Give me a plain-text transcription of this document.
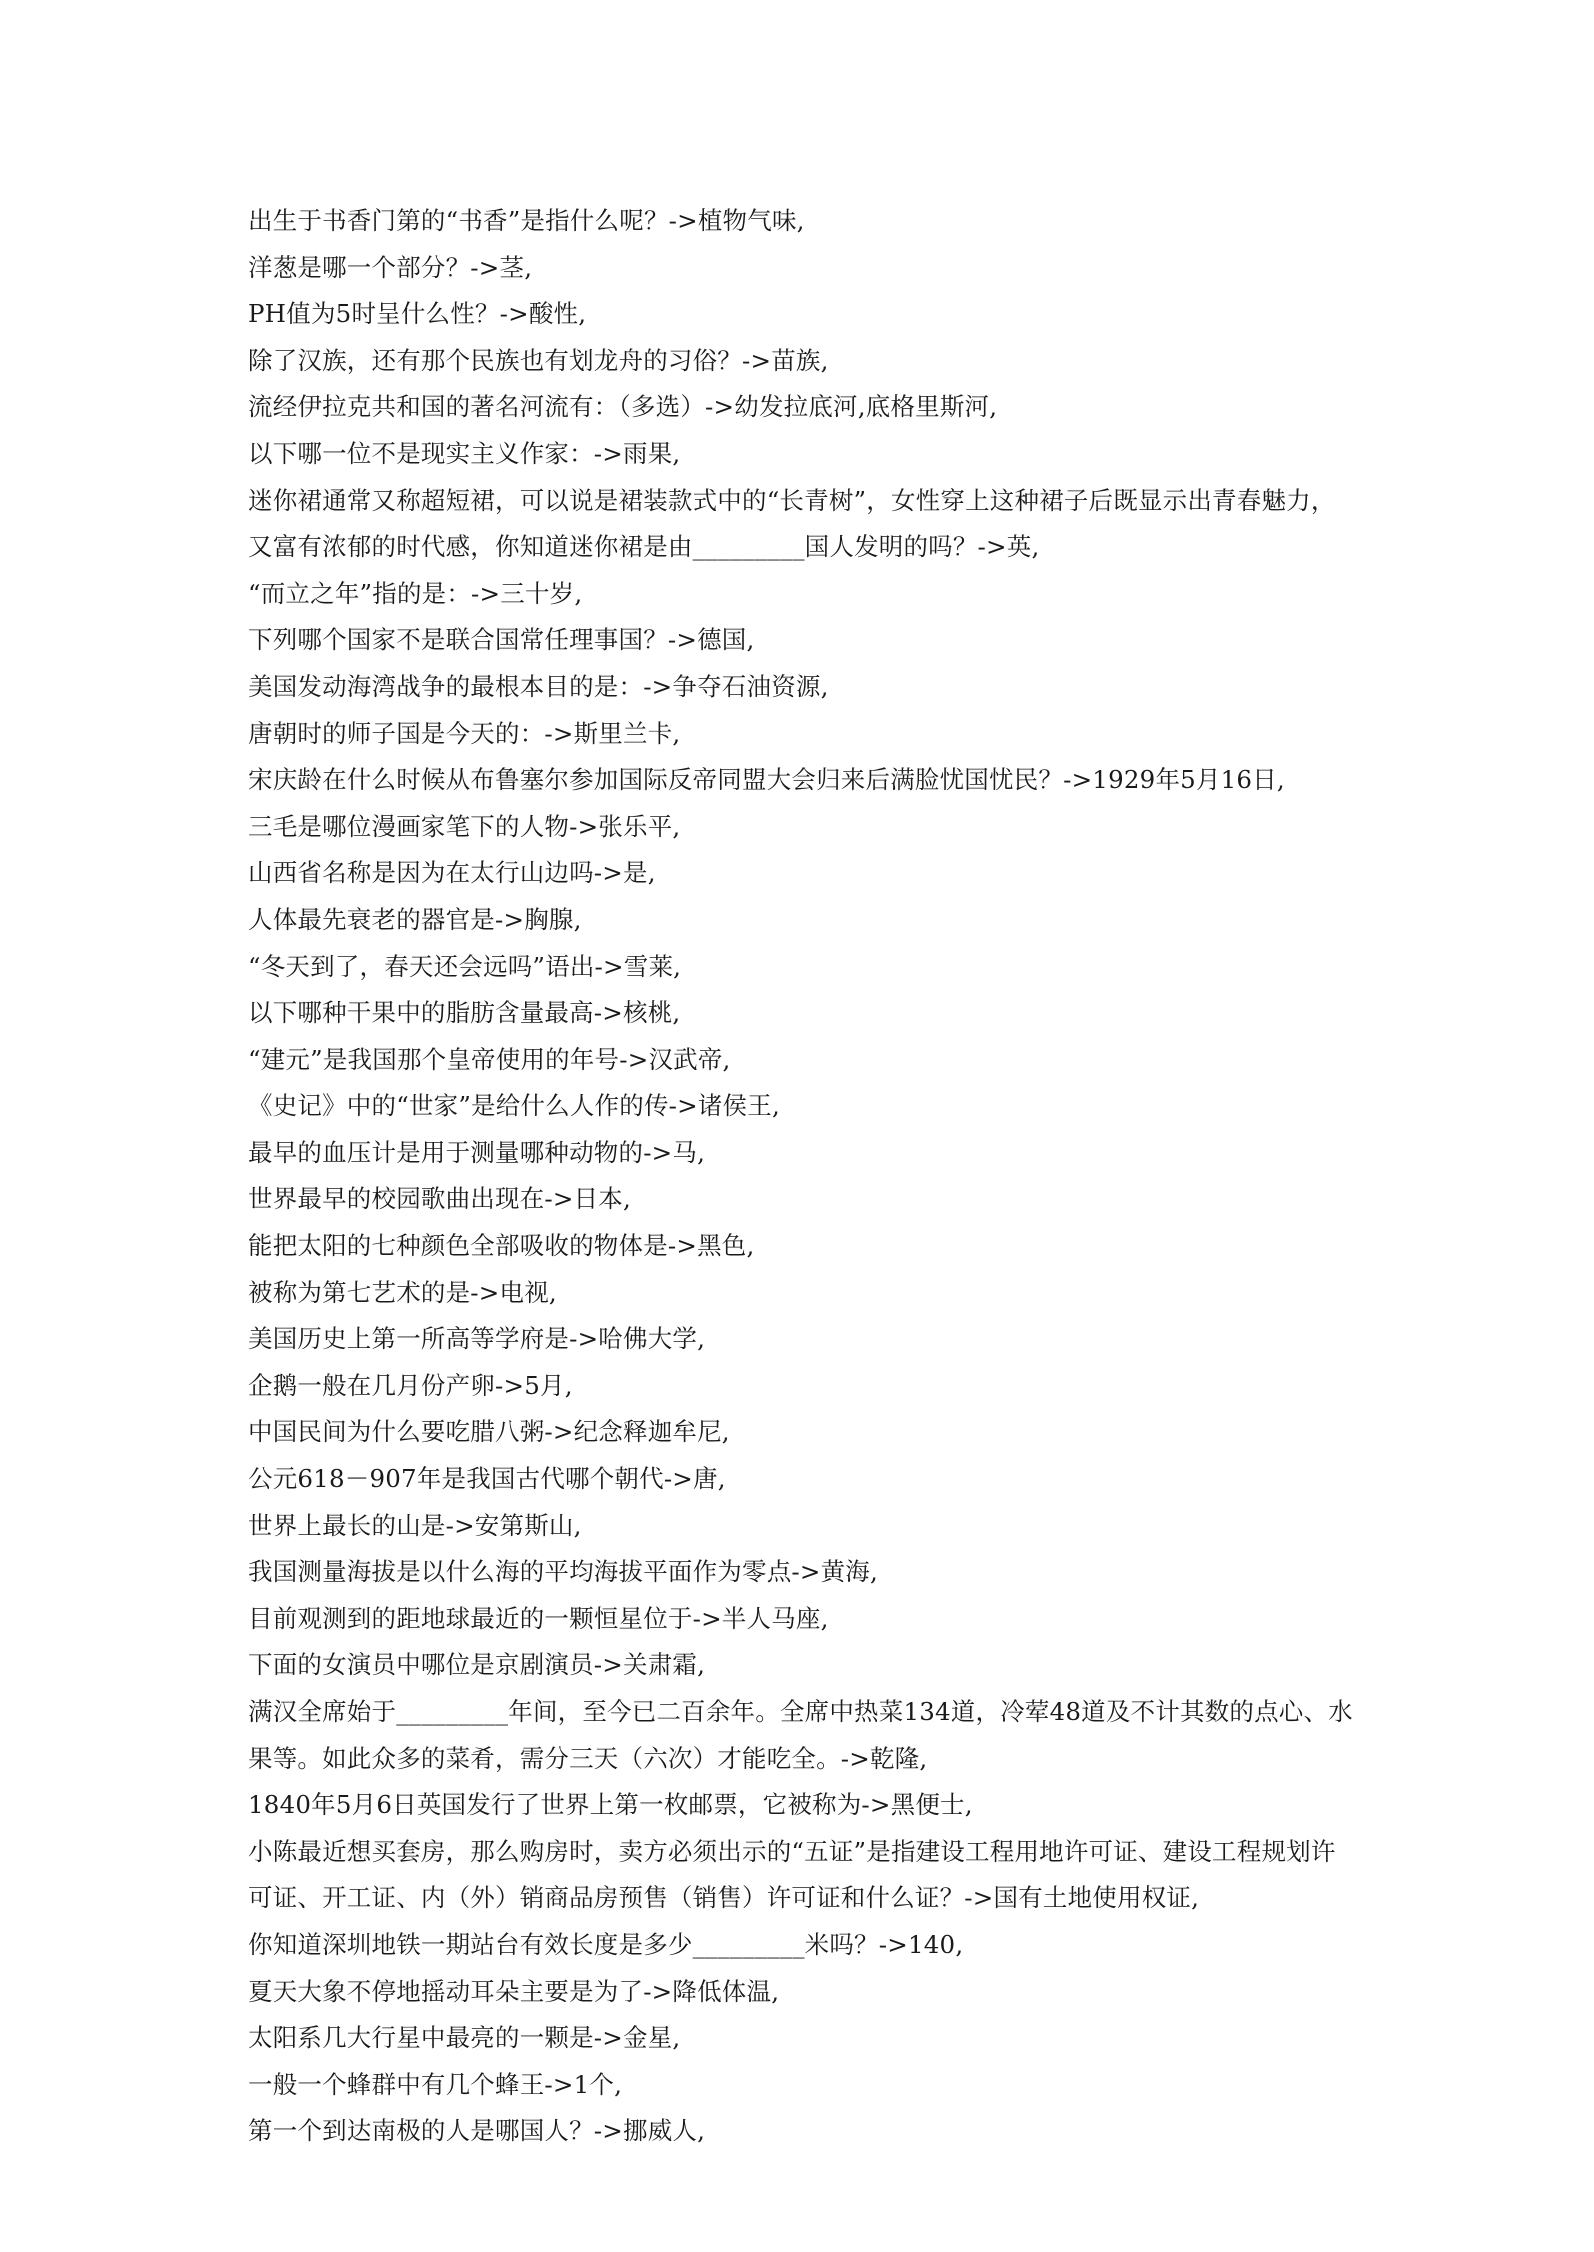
出生于书香门第的“书香”是指什么呢？->植物气味,
洋葱是哪一个部分？->茎,
PH值为5时呈什么性？->酸性,
除了汉族，还有那个民族也有划龙舟的习俗？->苗族,
流经伊拉克共和国的著名河流有：（多选）->幼发拉底河,底格里斯河,
以下哪一位不是现实主义作家：->雨果,
迷你裙通常又称超短裙，可以说是裙装款式中的“长青树”，女性穿上这种裙子后既显示出青春魅力，又富有浓郁的时代感，你知道迷你裙是由_________国人发明的吗？->英,
“而立之年”指的是：->三十岁,
下列哪个国家不是联合国常任理事国？->德国,
美国发动海湾战争的最根本目的是：->争夺石油资源,
唐朝时的师子国是今天的：->斯里兰卡,
宋庆龄在什么时候从布鲁塞尔参加国际反帝同盟大会归来后满脸忧国忧民？->1929年5月16日,
三毛是哪位漫画家笔下的人物->张乐平,
山西省名称是因为在太行山边吗->是,
人体最先衰老的器官是->胸腺,
“冬天到了，春天还会远吗”语出->雪莱,
以下哪种干果中的脂肪含量最高->核桃,
“建元”是我国那个皇帝使用的年号->汉武帝,
《史记》中的“世家”是给什么人作的传->诸侯王,
最早的血压计是用于测量哪种动物的->马,
世界最早的校园歌曲出现在->日本,
能把太阳的七种颜色全部吸收的物体是->黑色,
被称为第七艺术的是->电视,
美国历史上第一所高等学府是->哈佛大学,
企鹅一般在几月份产卵->5月,
中国民间为什么要吃腊八粥->纪念释迦牟尼,
公元618－907年是我国古代哪个朝代->唐,
世界上最长的山是->安第斯山,
我国测量海拔是以什么海的平均海拔平面作为零点->黄海,
目前观测到的距地球最近的一颗恒星位于->半人马座,
下面的女演员中哪位是京剧演员->关肃霜,
满汉全席始于_________年间，至今已二百余年。全席中热菜134道，冷荤48道及不计其数的点心、水果等。如此众多的菜肴，需分三天（六次）才能吃全。->乾隆,
1840年5月6日英国发行了世界上第一枚邮票，它被称为->黑便士,
小陈最近想买套房，那么购房时，卖方必须出示的“五证”是指建设工程用地许可证、建设工程规划许可证、开工证、内（外）销商品房预售（销售）许可证和什么证？->国有土地使用权证,
你知道深圳地铁一期站台有效长度是多少_________米吗？->140,
夏天大象不停地摇动耳朵主要是为了->降低体温,
太阳系几大行星中最亮的一颗是->金星,
一般一个蜂群中有几个蜂王->1个,
第一个到达南极的人是哪国人？->挪威人,
